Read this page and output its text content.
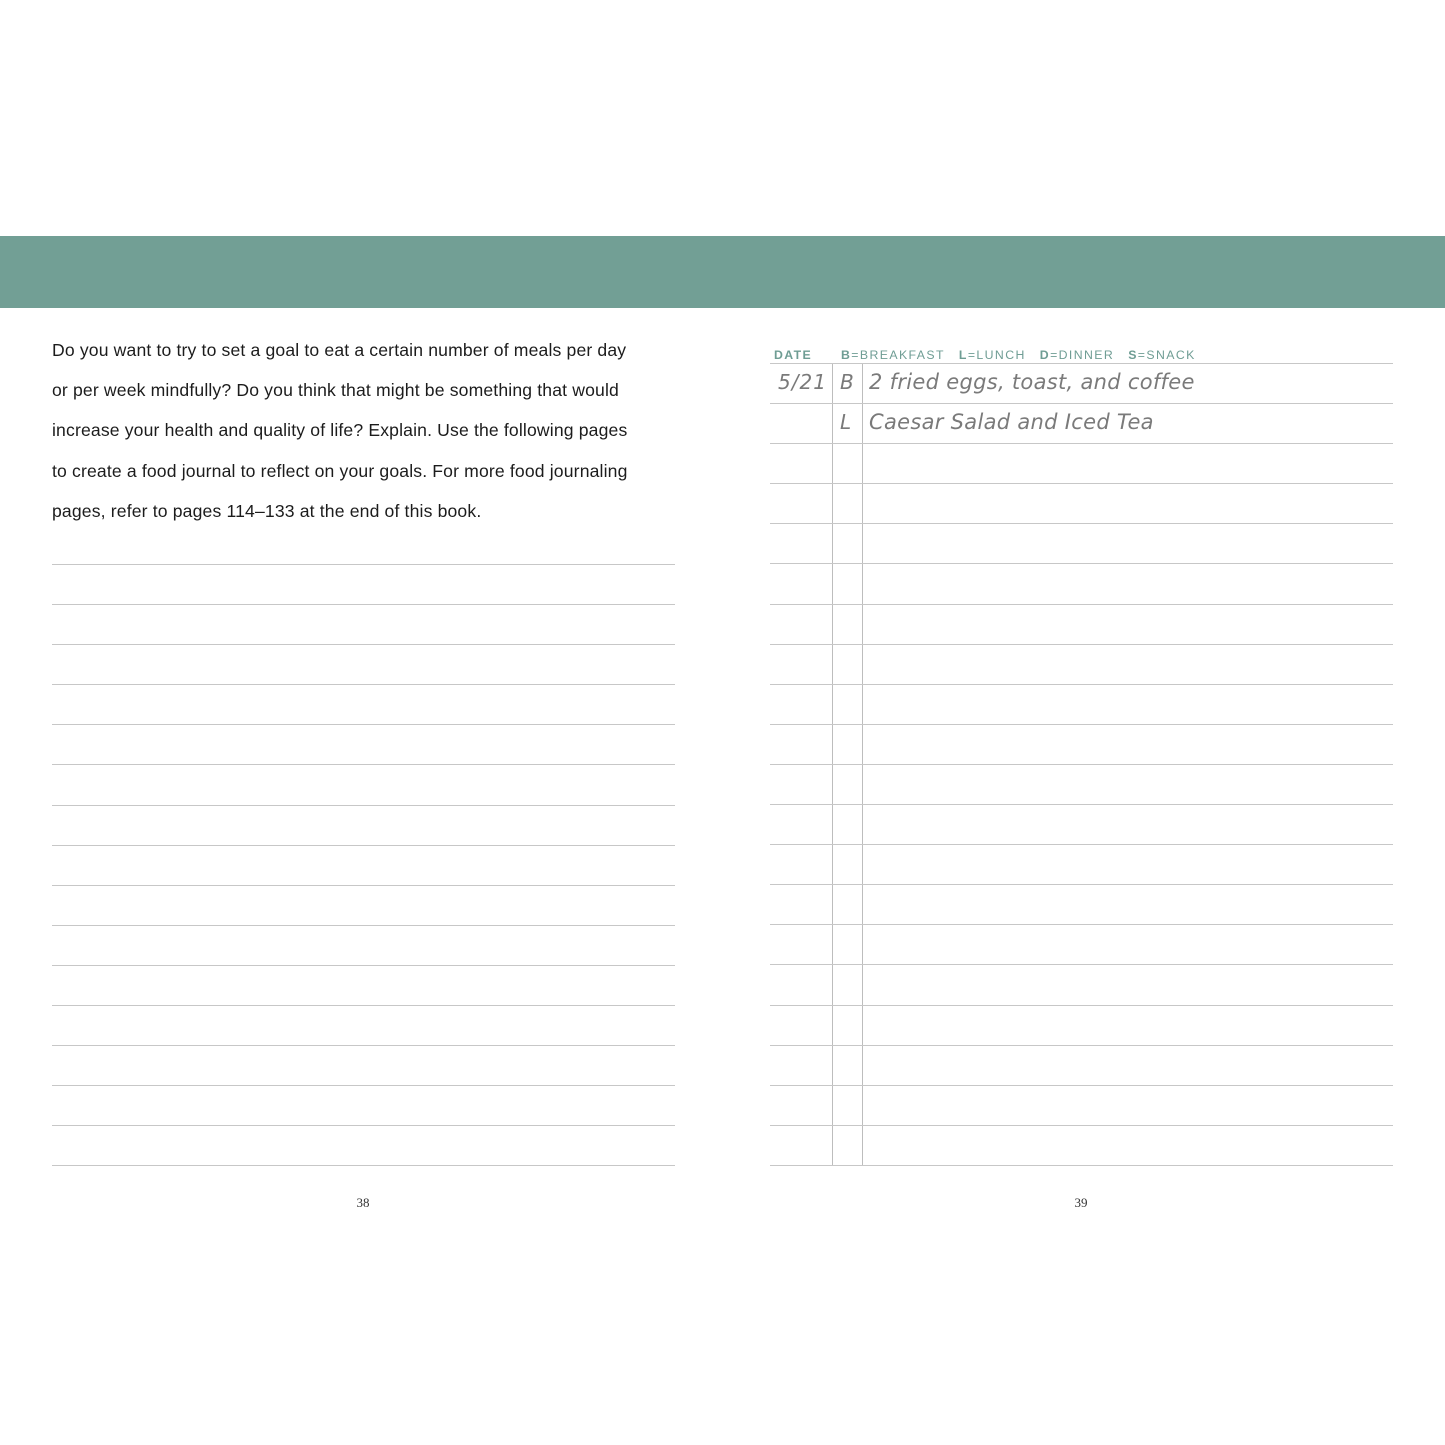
Do you want to try to set a goal to eat a certain number of meals per day
or per week mindfully? Do you think that might be something that would
increase your health and quality of life? Explain. Use the following pages
to create a food journal to reflect on your goals. For more food journaling
pages, refer to pages 114–133 at the end of this book.

38
DATE B=BREAKFAST L=LUNCH D=DINNER S=SNACK
5/21 B 2 fried eggs, toast, and coffee
L Caesar Salad and Iced Tea
39
